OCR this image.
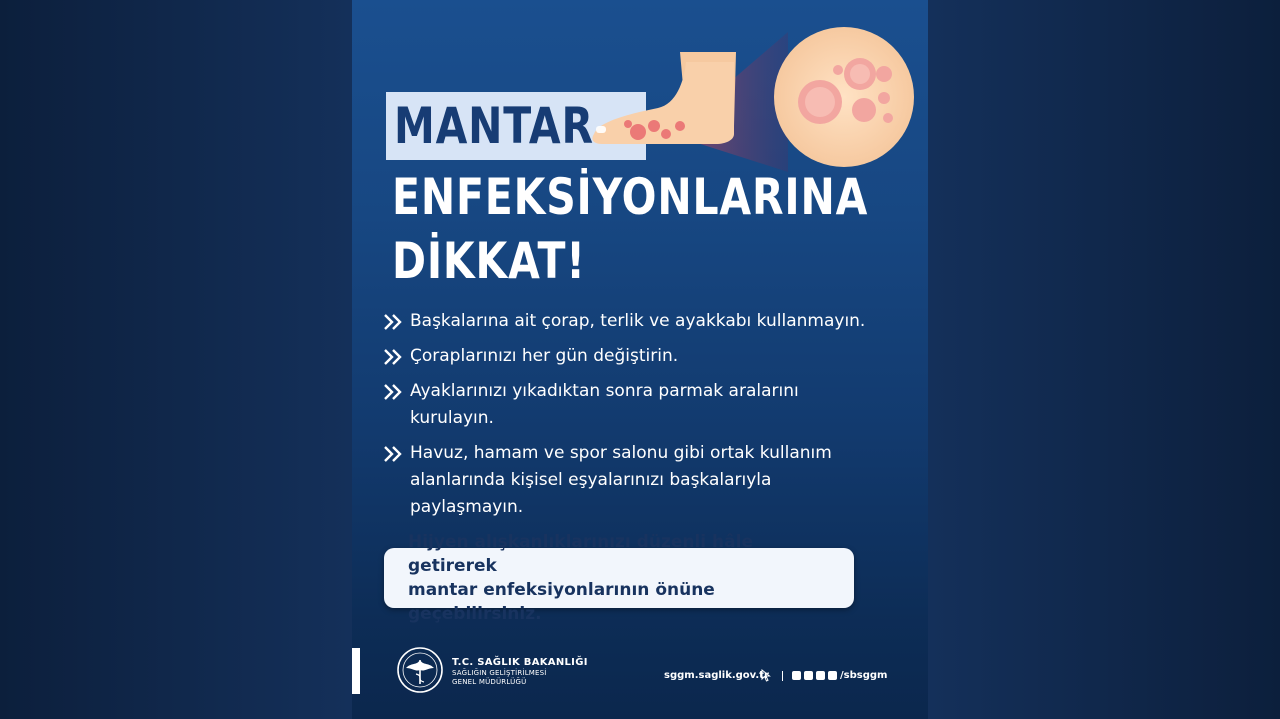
MANTAR
ENFEKSİYONLARINA
DİKKAT!
Başkalarına ait çorap, terlik ve ayakkabı kullanmayın.
Çoraplarınızı her gün değiştirin.
Ayaklarınızı yıkadıktan sonra parmak aralarını kurulayın.
Havuz, hamam ve spor salonu gibi ortak kullanım alanlarında kişisel eşyalarınızı başkalarıyla paylaşmayın.
Hijyen alışkanlıklarınızı düzenli hâle getirerek
mantar enfeksiyonlarının önüne geçebilirsiniz.
T.C. SAĞLIK BAKANLIĞI
SAĞLIĞIN GELİŞTİRİLMESİ
GENEL MÜDÜRLÜĞÜ
sggm.saglik.gov.tr	/sbsggm
